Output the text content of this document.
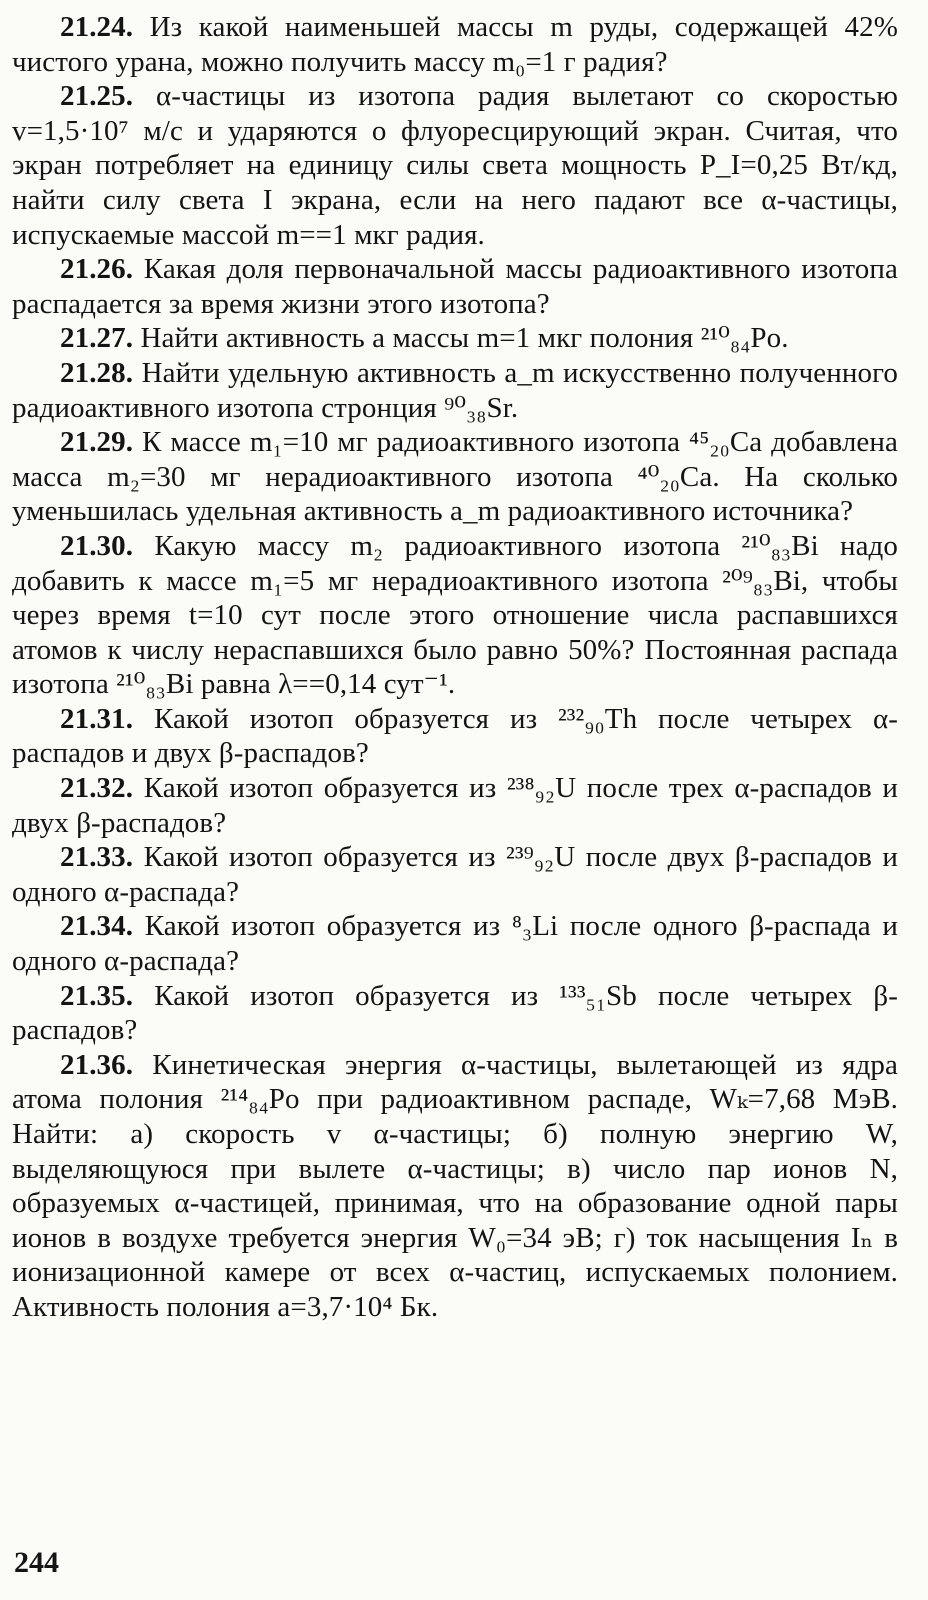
21.24. Из какой наименьшей массы m руды, содержащей 42% чистого урана, можно получить массу m₀=1 г радия?

21.25. α-частицы из изотопа радия вылетают со скоростью v=1,5·10⁷ м/с и ударяются о флуоресцирующий экран. Считая, что экран потребляет на единицу силы света мощность P_I=0,25 Вт/кд, найти силу света I экрана, если на него падают все α-частицы, испускаемые массой m==1 мкг радия.

21.26. Какая доля первоначальной массы радиоактивного изотопа распадается за время жизни этого изотопа?

21.27. Найти активность a массы m=1 мкг полония ²¹⁰₈₄Po.

21.28. Найти удельную активность a_m искусственно полученного радиоактивного изотопа стронция ⁹⁰₃₈Sr.

21.29. К массе m₁=10 мг радиоактивного изотопа ⁴⁵₂₀Ca добавлена масса m₂=30 мг нерадиоактивного изотопа ⁴⁰₂₀Ca. На сколько уменьшилась удельная активность a_m радиоактивного источника?

21.30. Какую массу m₂ радиоактивного изотопа ²¹⁰₈₃Bi надо добавить к массе m₁=5 мг нерадиоактивного изотопа ²⁰⁹₈₃Bi, чтобы через время t=10 сут после этого отношение числа распавшихся атомов к числу нераспавшихся было равно 50%? Постоянная распада изотопа ²¹⁰₈₃Bi равна λ==0,14 сут⁻¹.

21.31. Какой изотоп образуется из ²³²₉₀Th после четырех α-распадов и двух β-распадов?

21.32. Какой изотоп образуется из ²³⁸₉₂U после трех α-распадов и двух β-распадов?

21.33. Какой изотоп образуется из ²³⁹₉₂U после двух β-распадов и одного α-распада?

21.34. Какой изотоп образуется из ⁸₃Li после одного β-распада и одного α-распада?

21.35. Какой изотоп образуется из ¹³³₅₁Sb после четырех β-распадов?

21.36. Кинетическая энергия α-частицы, вылетающей из ядра атома полония ²¹⁴₈₄Po при радиоактивном распаде, Wₖ=7,68 МэВ. Найти: а) скорость v α-частицы; б) полную энергию W, выделяющуюся при вылете α-частицы; в) число пар ионов N, образуемых α-частицей, принимая, что на образование одной пары ионов в воздухе требуется энергия W₀=34 эВ; г) ток насыщения Iₙ в ионизационной камере от всех α-частиц, испускаемых полонием. Активность полония a=3,7·10⁴ Бк.

244
